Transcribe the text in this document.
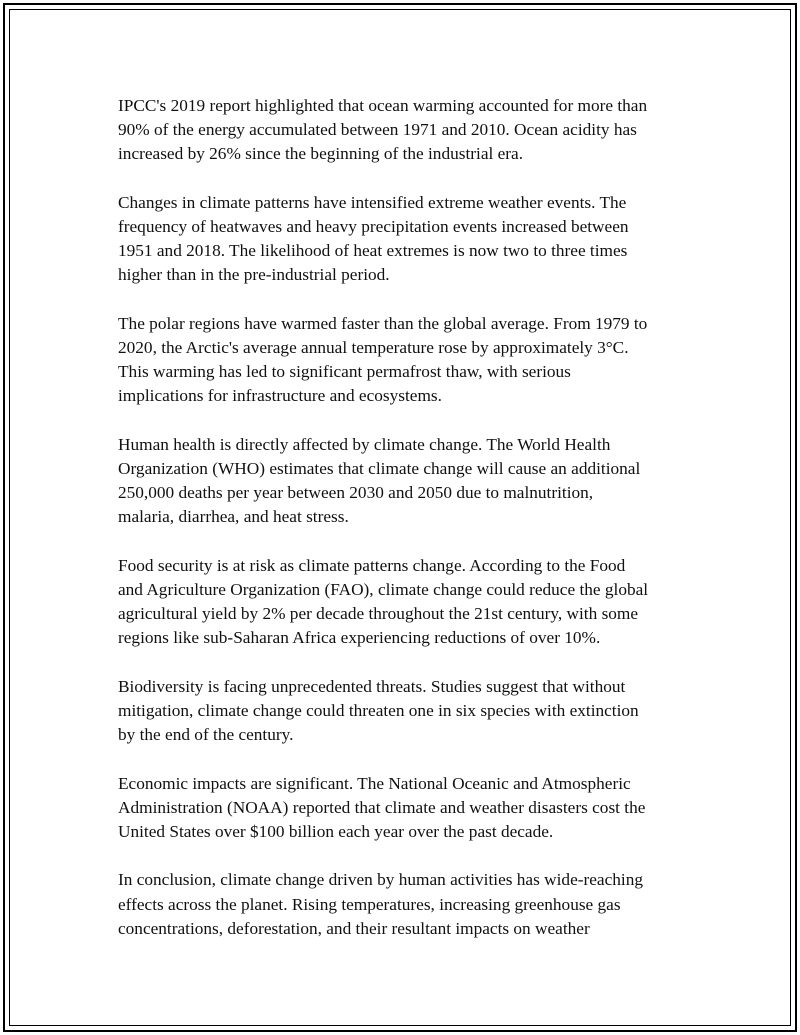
IPCC's 2019 report highlighted that ocean warming accounted for more than
90% of the energy accumulated between 1971 and 2010. Ocean acidity has
increased by 26% since the beginning of the industrial era.

Changes in climate patterns have intensified extreme weather events. The
frequency of heatwaves and heavy precipitation events increased between
1951 and 2018. The likelihood of heat extremes is now two to three times
higher than in the pre-industrial period.

The polar regions have warmed faster than the global average. From 1979 to
2020, the Arctic's average annual temperature rose by approximately 3°C.
This warming has led to significant permafrost thaw, with serious
implications for infrastructure and ecosystems.

Human health is directly affected by climate change. The World Health
Organization (WHO) estimates that climate change will cause an additional
250,000 deaths per year between 2030 and 2050 due to malnutrition,
malaria, diarrhea, and heat stress.

Food security is at risk as climate patterns change. According to the Food
and Agriculture Organization (FAO), climate change could reduce the global
agricultural yield by 2% per decade throughout the 21st century, with some
regions like sub-Saharan Africa experiencing reductions of over 10%.

Biodiversity is facing unprecedented threats. Studies suggest that without
mitigation, climate change could threaten one in six species with extinction
by the end of the century.

Economic impacts are significant. The National Oceanic and Atmospheric
Administration (NOAA) reported that climate and weather disasters cost the
United States over $100 billion each year over the past decade.

In conclusion, climate change driven by human activities has wide-reaching
effects across the planet. Rising temperatures, increasing greenhouse gas
concentrations, deforestation, and their resultant impacts on weather
